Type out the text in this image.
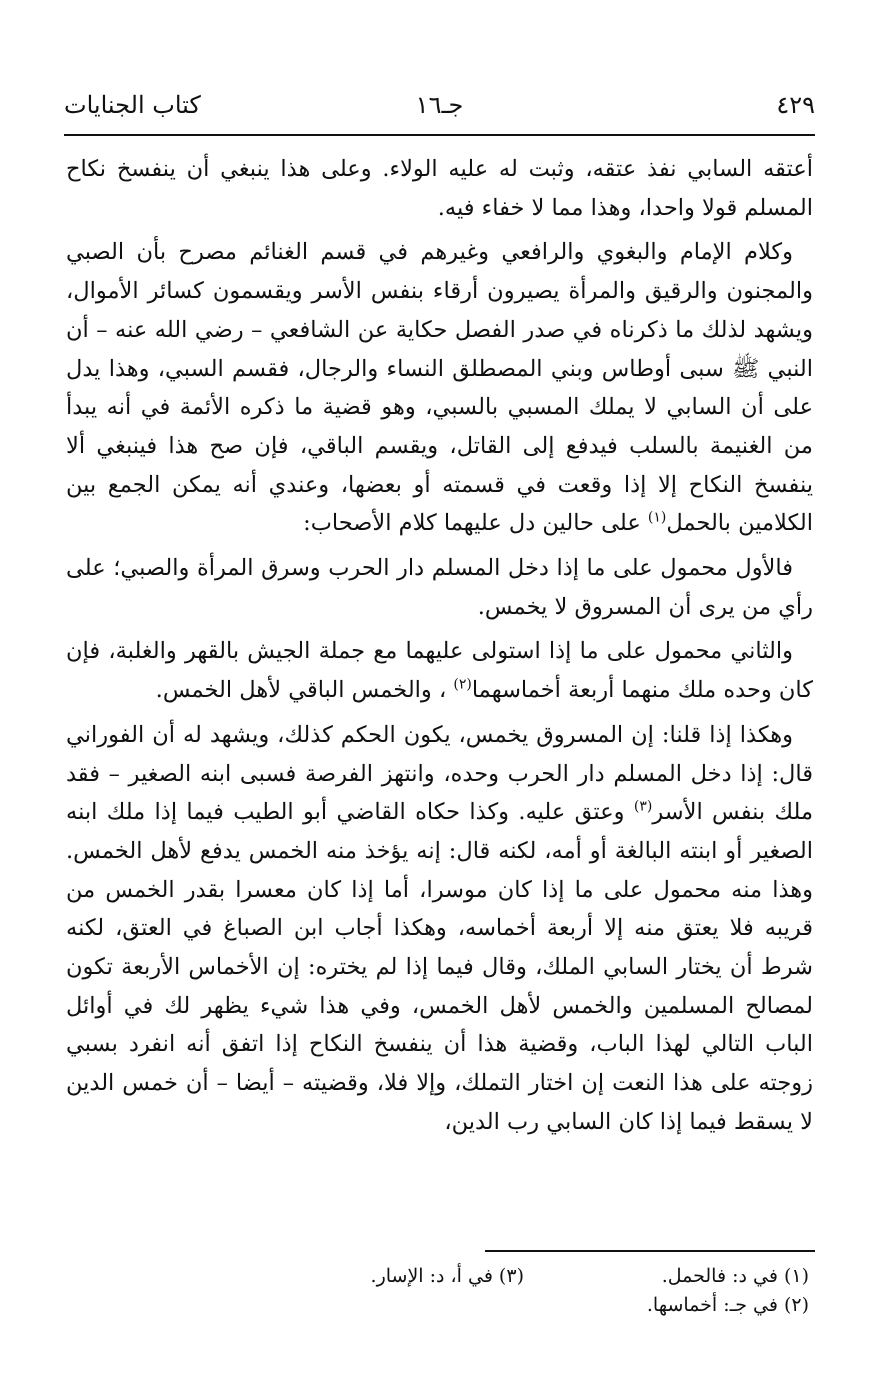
٤٢٩
جـ١٦
كتاب الجنايات

أعتقه السابي نفذ عتقه، وثبت له عليه الولاء. وعلى هذا ينبغي أن ينفسخ نكاح المسلم قولا واحدا، وهذا مما لا خفاء فيه.

وكلام الإمام والبغوي والرافعي وغيرهم في قسم الغنائم مصرح بأن الصبي والمجنون والرقيق والمرأة يصيرون أرقاء بنفس الأسر ويقسمون كسائر الأموال، ويشهد لذلك ما ذكرناه في صدر الفصل حكاية عن الشافعي – رضي الله عنه – أن النبي ﷺ سبى أوطاس وبني المصطلق النساء والرجال، فقسم السبي، وهذا يدل على أن السابي لا يملك المسبي بالسبي، وهو قضية ما ذكره الأئمة في أنه يبدأ من الغنيمة بالسلب فيدفع إلى القاتل، ويقسم الباقي، فإن صح هذا فينبغي ألا ينفسخ النكاح إلا إذا وقعت في قسمته أو بعضها، وعندي أنه يمكن الجمع بين الكلامين بالحمل$^{(١)}$ على حالين دل عليهما كلام الأصحاب:

فالأول محمول على ما إذا دخل المسلم دار الحرب وسرق المرأة والصبي؛ على رأي من يرى أن المسروق لا يخمس.

والثاني محمول على ما إذا استولى عليهما مع جملة الجيش بالقهر والغلبة، فإن كان وحده ملك منهما أربعة أخماسهما$^{(٢)}$ ، والخمس الباقي لأهل الخمس.

وهكذا إذا قلنا: إن المسروق يخمس، يكون الحكم كذلك، ويشهد له أن الفوراني قال: إذا دخل المسلم دار الحرب وحده، وانتهز الفرصة فسبى ابنه الصغير – فقد ملك بنفس الأسر$^{(٣)}$ وعتق عليه. وكذا حكاه القاضي أبو الطيب فيما إذا ملك ابنه الصغير أو ابنته البالغة أو أمه، لكنه قال: إنه يؤخذ منه الخمس يدفع لأهل الخمس. وهذا منه محمول على ما إذا كان موسرا، أما إذا كان معسرا بقدر الخمس من قريبه فلا يعتق منه إلا أربعة أخماسه، وهكذا أجاب ابن الصباغ في العتق، لكنه شرط أن يختار السابي الملك، وقال فيما إذا لم يختره: إن الأخماس الأربعة تكون لمصالح المسلمين والخمس لأهل الخمس، وفي هذا شيء يظهر لك في أوائل الباب التالي لهذا الباب، وقضية هذا أن ينفسخ النكاح إذا اتفق أنه انفرد بسبي زوجته على هذا النعت إن اختار التملك، وإلا فلا، وقضيته – أيضا – أن خمس الدين لا يسقط فيما إذا كان السابي رب الدين،

(١) في د: فالحمل.
(٣) في أ، د: الإسار.
(٢) في جـ: أخماسها.
